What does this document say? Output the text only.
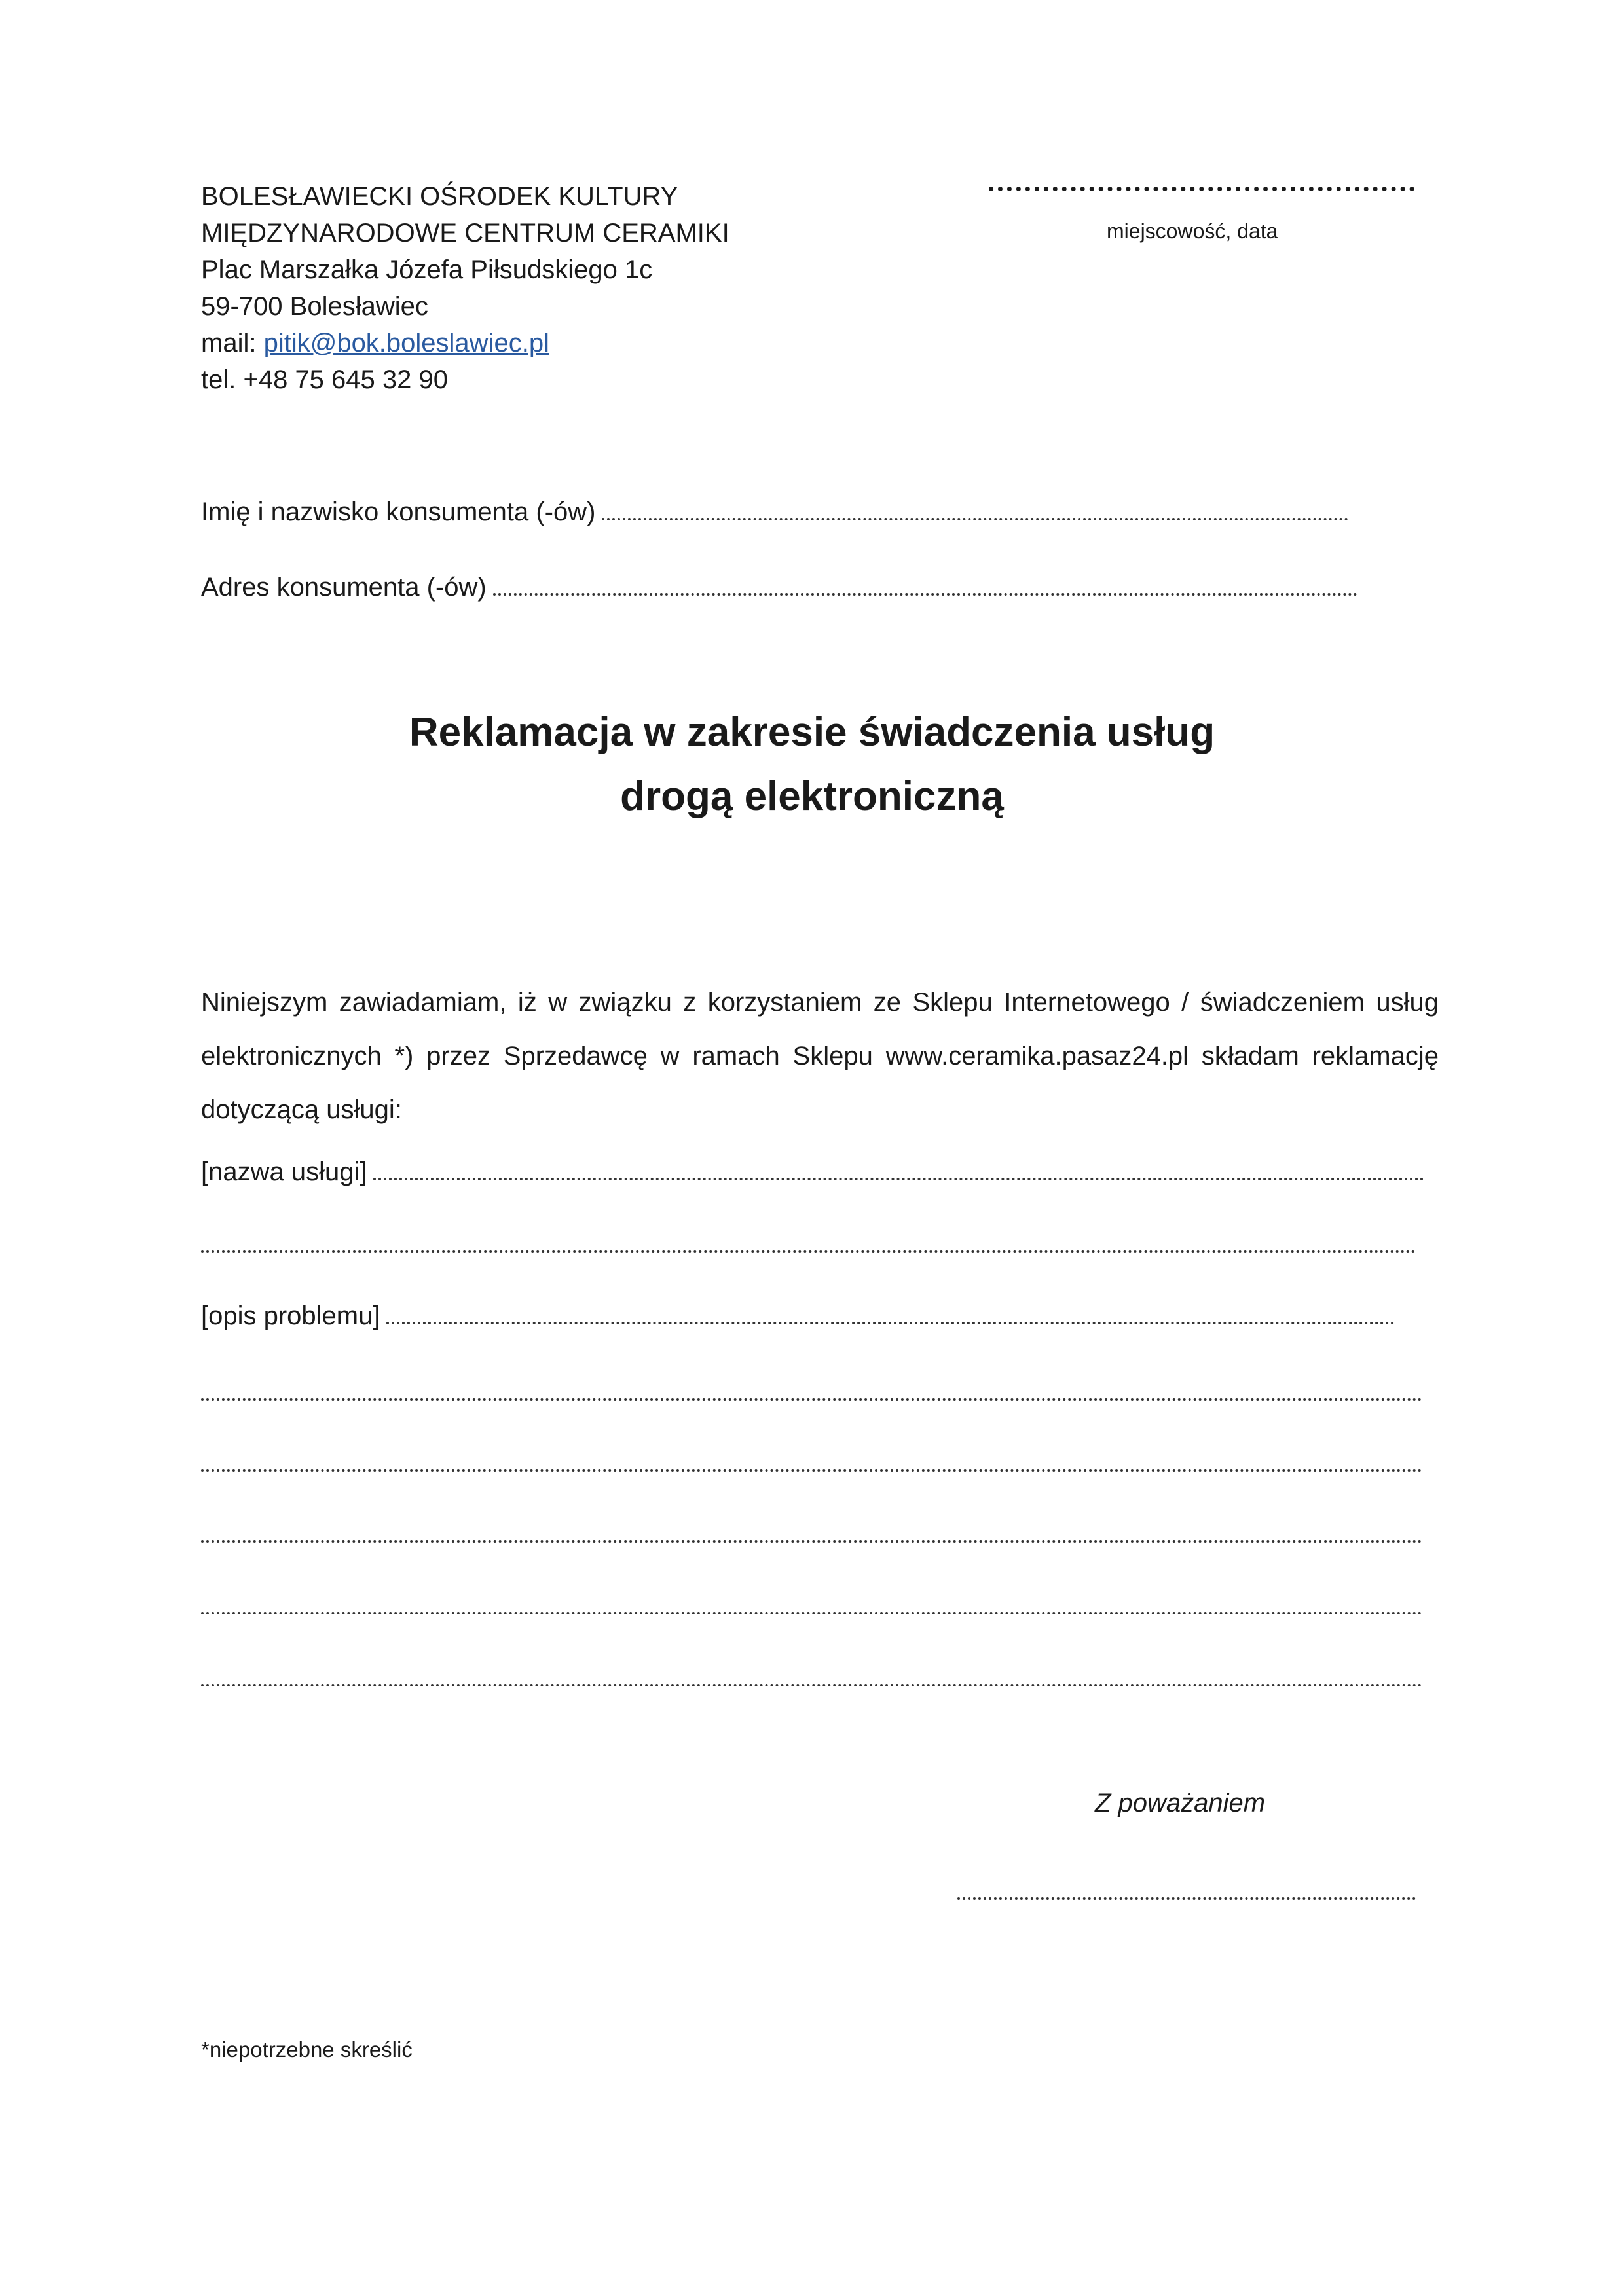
BOLESŁAWIECKI OŚRODEK KULTURY
MIĘDZYNARODOWE CENTRUM CERAMIKI
Plac Marszałka Józefa Piłsudskiego 1c
59-700 Bolesławiec
mail: pitik@bok.boleslawiec.pl
tel. +48 75 645 32 90
miejscowość, data
Imię i nazwisko konsumenta (-ów)
Adres konsumenta (-ów)
Reklamacja w zakresie świadczenia usług
drogą elektroniczną
Niniejszym zawiadamiam, iż w związku z korzystaniem ze Sklepu Internetowego / świadczeniem usług elektronicznych *) przez Sprzedawcę w ramach Sklepu www.ceramika.pasaz24.pl składam reklamację dotyczącą usługi:
[nazwa usługi]
[opis problemu]
Z poważaniem
*niepotrzebne skreślić
